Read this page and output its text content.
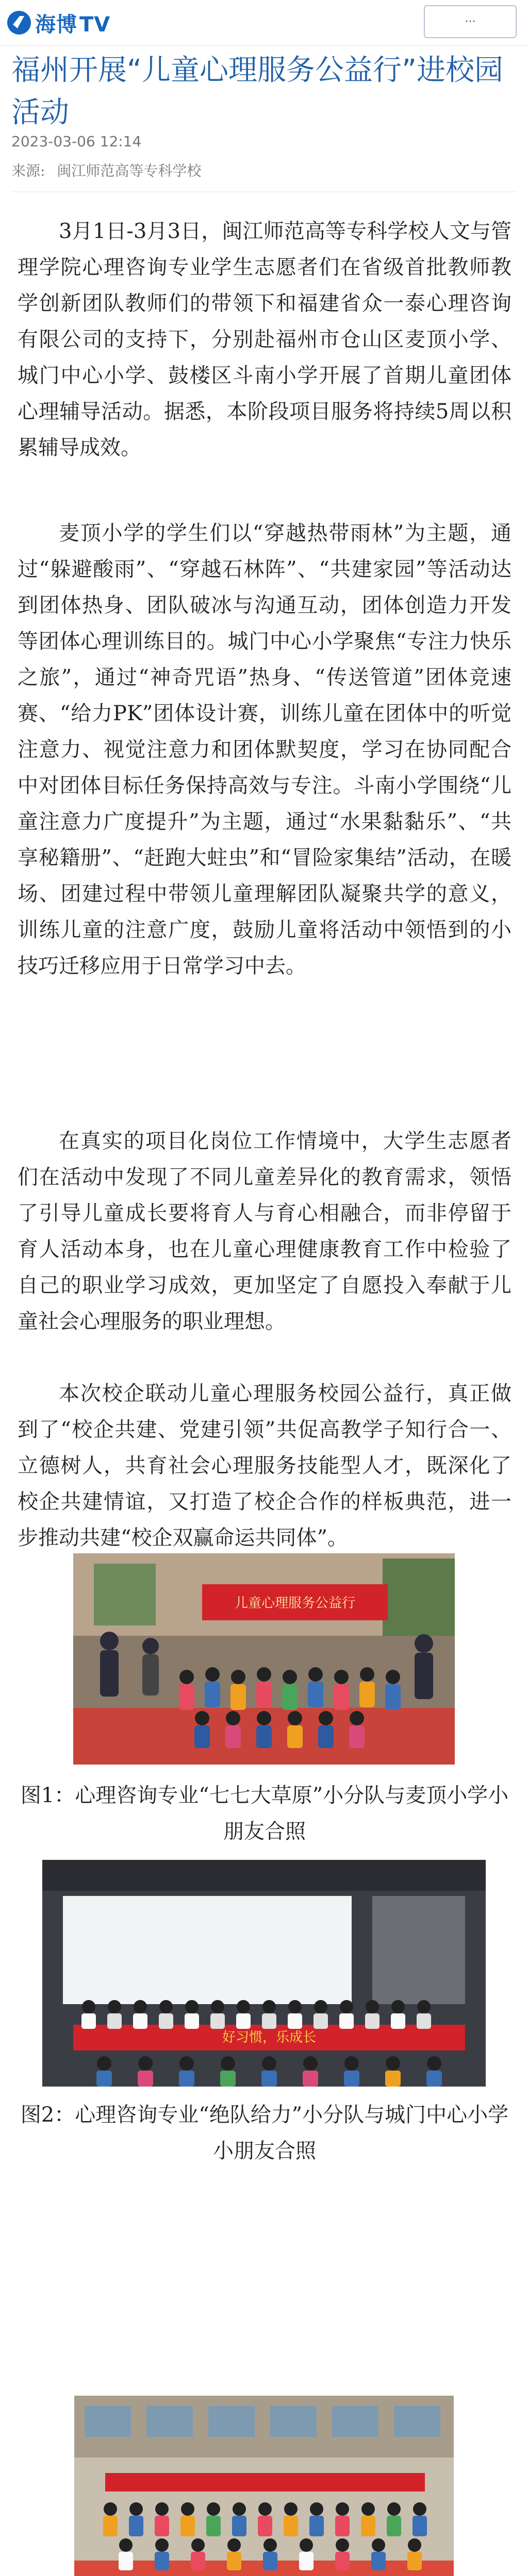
海博 TV	···
福州开展“儿童心理服务公益行”进校园活动
2023-03-06 12:14
来源: 闽江师范高等专科学校

3月1日-3月3日，闽江师范高等专科学校人文与管理学院心理咨询专业学生志愿者们在省级首批教师教学创新团队教师们的带领下和福建省众一泰心理咨询有限公司的支持下，分别赴福州市仓山区麦顶小学、城门中心小学、鼓楼区斗南小学开展了首期儿童团体心理辅导活动。据悉，本阶段项目服务将持续5周以积累辅导成效。

麦顶小学的学生们以“穿越热带雨林”为主题，通过“躲避酸雨”、“穿越石林阵”、“共建家园”等活动达到团体热身、团队破冰与沟通互动，团体创造力开发等团体心理训练目的。城门中心小学聚焦“专注力快乐之旅”，通过“神奇咒语”热身、“传送管道”团体竞速赛、“给力PK”团体设计赛，训练儿童在团体中的听觉注意力、视觉注意力和团体默契度，学习在协同配合中对团体目标任务保持高效与专注。斗南小学围绕“儿童注意力广度提升”为主题，通过“水果黏黏乐”、“共享秘籍册”、“赶跑大蛀虫”和“冒险家集结”活动，在暖场、团建过程中带领儿童理解团队凝聚共学的意义，训练儿童的注意广度，鼓励儿童将活动中领悟到的小技巧迁移应用于日常学习中去。

在真实的项目化岗位工作情境中，大学生志愿者们在活动中发现了不同儿童差异化的教育需求，领悟了引导儿童成长要将育人与育心相融合，而非停留于育人活动本身，也在儿童心理健康教育工作中检验了自己的职业学习成效，更加坚定了自愿投入奉献于儿童社会心理服务的职业理想。

本次校企联动儿童心理服务校园公益行，真正做到了“校企共建、党建引领”共促高教学子知行合一、立德树人，共育社会心理服务技能型人才，既深化了校企共建情谊，又打造了校企合作的样板典范，进一步推动共建“校企双赢命运共同体”。

儿童心理服务公益行

图1：心理咨询专业“七七大草原”小分队与麦顶小学小朋友合照

好习惯，乐成长

图2：心理咨询专业“绝队给力”小分队与城门中心小学小朋友合照
